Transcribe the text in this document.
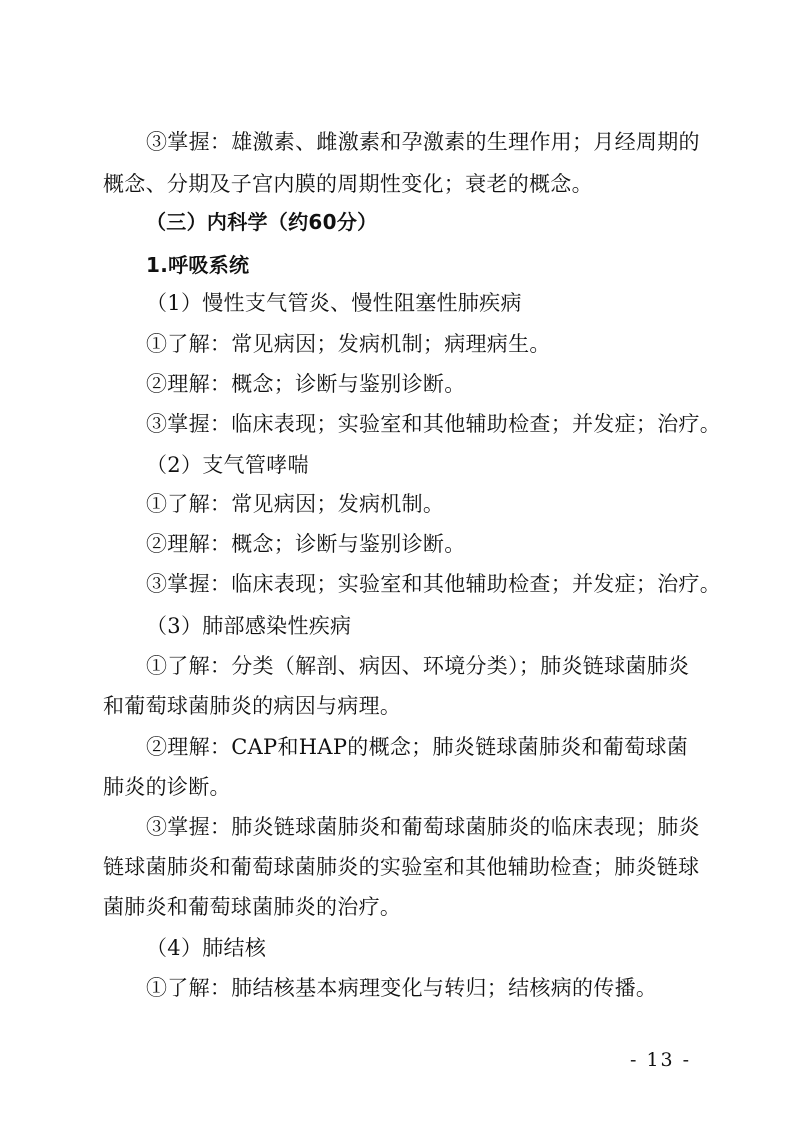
③掌握：雄激素、雌激素和孕激素的生理作用；月经周期的
概念、分期及子宫内膜的周期性变化；衰老的概念。
（三）内科学（约60分）
1.呼吸系统
（1）慢性支气管炎、慢性阻塞性肺疾病
①了解：常见病因；发病机制；病理病生。
②理解：概念；诊断与鉴别诊断。
③掌握：临床表现；实验室和其他辅助检查；并发症；治疗。
（2）支气管哮喘
①了解：常见病因；发病机制。
②理解：概念；诊断与鉴别诊断。
③掌握：临床表现；实验室和其他辅助检查；并发症；治疗。
（3）肺部感染性疾病
①了解：分类（解剖、病因、环境分类）；肺炎链球菌肺炎
和葡萄球菌肺炎的病因与病理。
②理解：CAP和HAP的概念；肺炎链球菌肺炎和葡萄球菌
肺炎的诊断。
③掌握：肺炎链球菌肺炎和葡萄球菌肺炎的临床表现；肺炎
链球菌肺炎和葡萄球菌肺炎的实验室和其他辅助检查；肺炎链球
菌肺炎和葡萄球菌肺炎的治疗。
（4）肺结核
①了解：肺结核基本病理变化与转归；结核病的传播。
- 13 -
